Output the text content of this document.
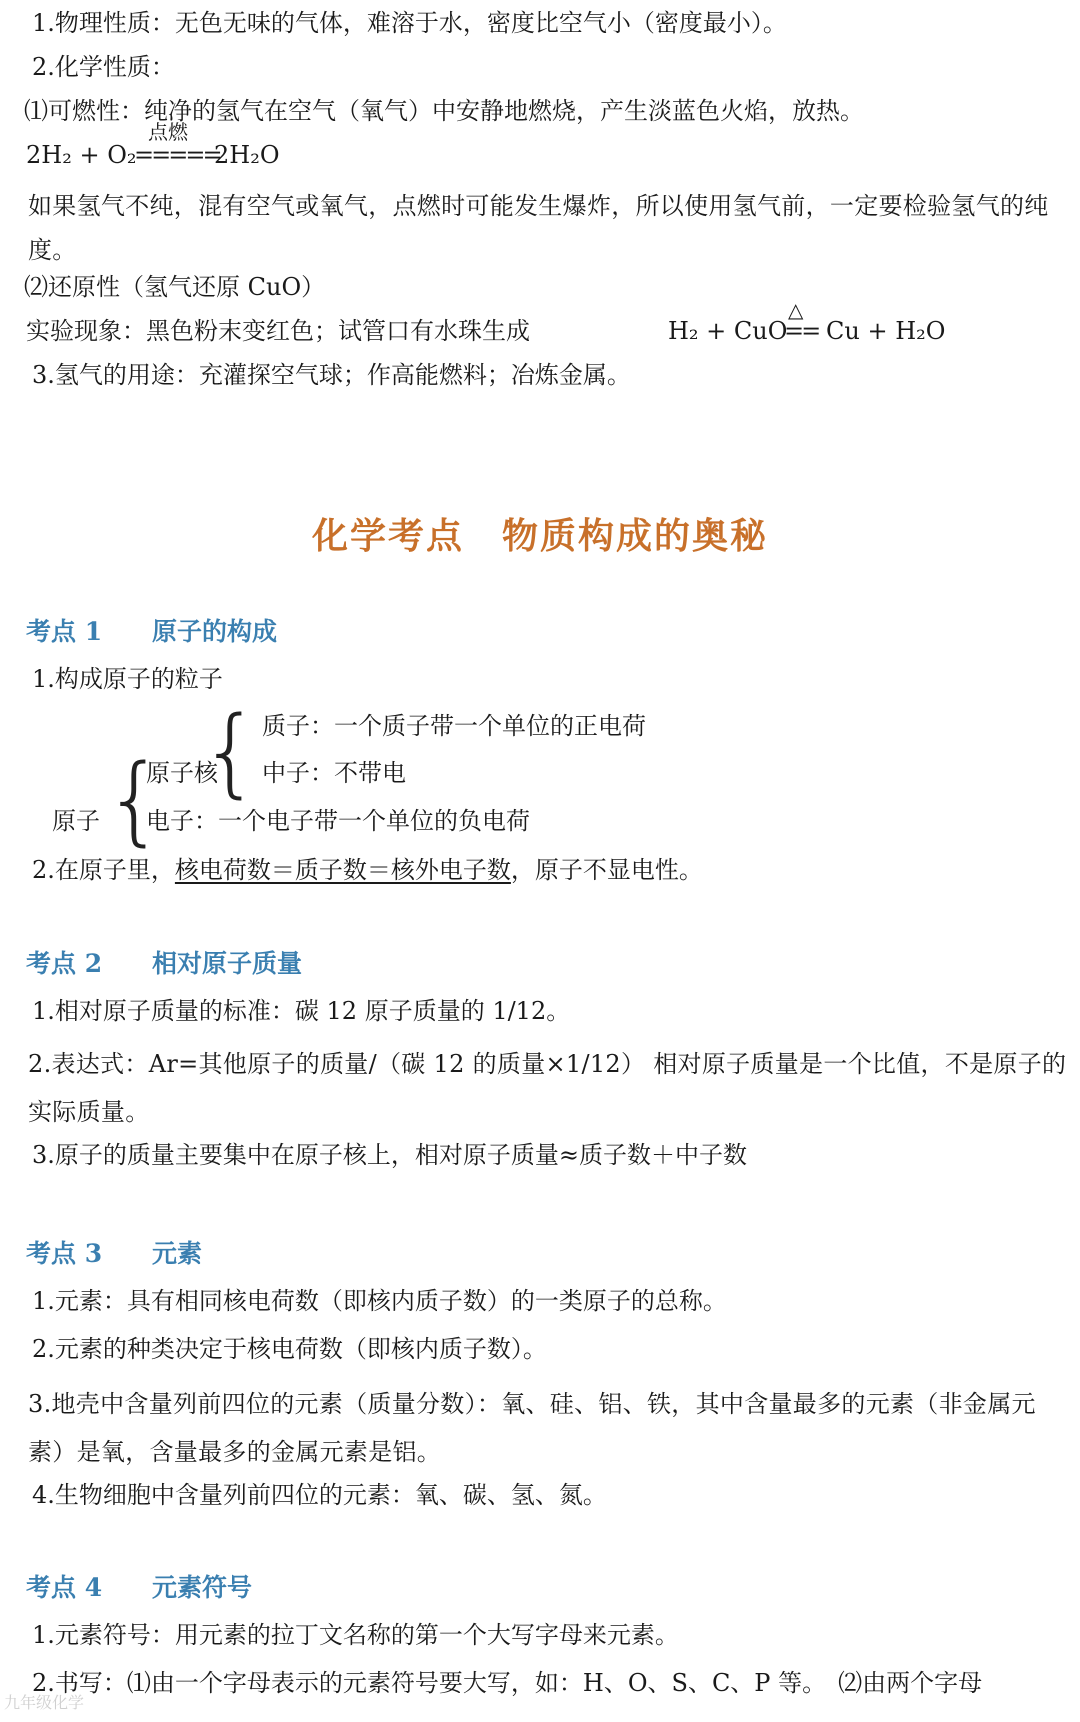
1.物理性质：无色无味的气体，难溶于水，密度比空气小（密度最小）。
2.化学性质：
⑴可燃性：纯净的氢气在空气（氧气）中安静地燃烧，产生淡蓝色火焰，放热。
2H₂ + O₂
点燃
=====
2H₂O
如果氢气不纯，混有空气或氧气，点燃时可能发生爆炸，所以使用氢气前，一定要检验氢气的纯度。
⑵还原性（氢气还原 CuO）
实验现象：黑色粉末变红色；试管口有水珠生成	H₂ + CuO
△
== Cu + H₂O
3.氢气的用途：充灌探空气球；作高能燃料；冶炼金属。
化学考点　物质构成的奥秘
考点 1 原子的构成
1.构成原子的粒子
质子：一个质子带一个单位的正电荷
{
原子核 中子：不带电
{
原子 电子：一个电子带一个单位的负电荷
2.在原子里，核电荷数＝质子数＝核外电子数，原子不显电性。
考点 2 相对原子质量
1.相对原子质量的标准：碳 12 原子质量的 1/12。
2.表达式：Ar=其他原子的质量/（碳 12 的质量×1/12） 相对原子质量是一个比值，不是原子的实际质量。
3.原子的质量主要集中在原子核上，相对原子质量≈质子数＋中子数
考点 3 元素
1.元素：具有相同核电荷数（即核内质子数）的一类原子的总称。
2.元素的种类决定于核电荷数（即核内质子数）。
3.地壳中含量列前四位的元素（质量分数）：氧、硅、铝、铁，其中含量最多的元素（非金属元素）是氧，含量最多的金属元素是铝。
4.生物细胞中含量列前四位的元素：氧、碳、氢、氮。
考点 4 元素符号
1.元素符号：用元素的拉丁文名称的第一个大写字母来元素。
2.书写：⑴由一个字母表示的元素符号要大写，如：H、O、S、C、P 等。　⑵由两个字母
九年级化学
